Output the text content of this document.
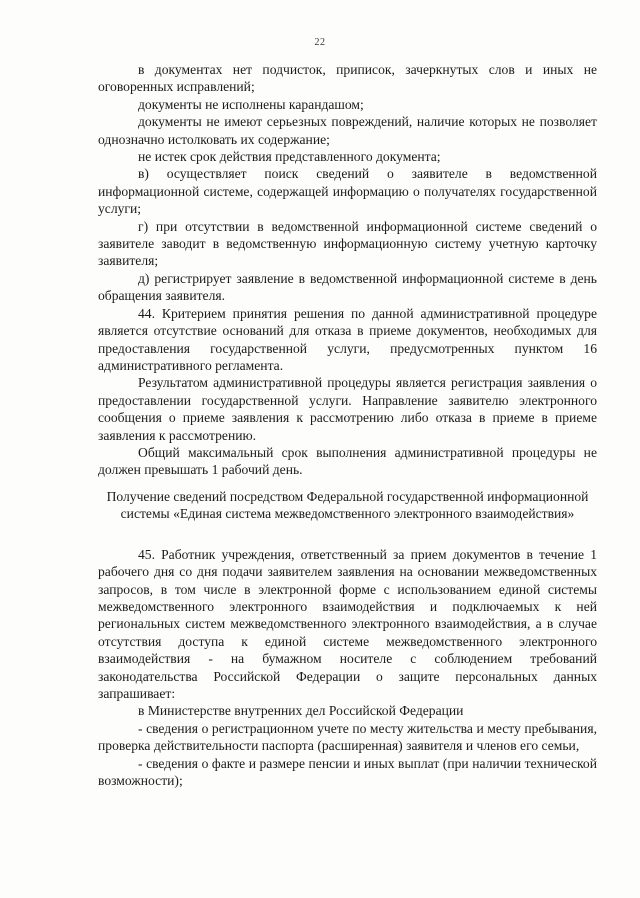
22

в документах нет подчисток, приписок, зачеркнутых слов и иных не оговоренных исправлений;

документы не исполнены карандашом;

документы не имеют серьезных повреждений, наличие которых не позволяет однозначно истолковать их содержание;

не истек срок действия представленного документа;

в) осуществляет поиск сведений о заявителе в ведомственной информационной системе, содержащей информацию о получателях государственной услуги;

г) при отсутствии в ведомственной информационной системе сведений о заявителе заводит в ведомственную информационную систему учетную карточку заявителя;

д) регистрирует заявление в ведомственной информационной системе в день обращения заявителя.

44. Критерием принятия решения по данной административной процедуре является отсутствие оснований для отказа в приеме документов, необходимых для предоставления государственной услуги, предусмотренных пунктом 16 административного регламента.

Результатом административной процедуры является регистрация заявления о предоставлении государственной услуги. Направление заявителю электронного сообщения о приеме заявления к рассмотрению либо отказа в приеме в приеме заявления к рассмотрению.

Общий максимальный срок выполнения административной процедуры не должен превышать 1 рабочий день.

Получение сведений посредством Федеральной государственной информационной системы «Единая система межведомственного электронного взаимодействия»

45. Работник учреждения, ответственный за прием документов в течение 1 рабочего дня со дня подачи заявителем заявления на основании межведомственных запросов, в том числе в электронной форме с использованием единой системы межведомственного электронного взаимодействия и подключаемых к ней региональных систем межведомственного электронного взаимодействия, а в случае отсутствия доступа к единой системе межведомственного электронного взаимодействия - на бумажном носителе с соблюдением требований законодательства Российской Федерации о защите персональных данных запрашивает:

в Министерстве внутренних дел Российской Федерации

- сведения о регистрационном учете по месту жительства и месту пребывания, проверка действительности паспорта (расширенная) заявителя и членов его семьи,

- сведения о факте и размере пенсии и иных выплат (при наличии технической возможности);
